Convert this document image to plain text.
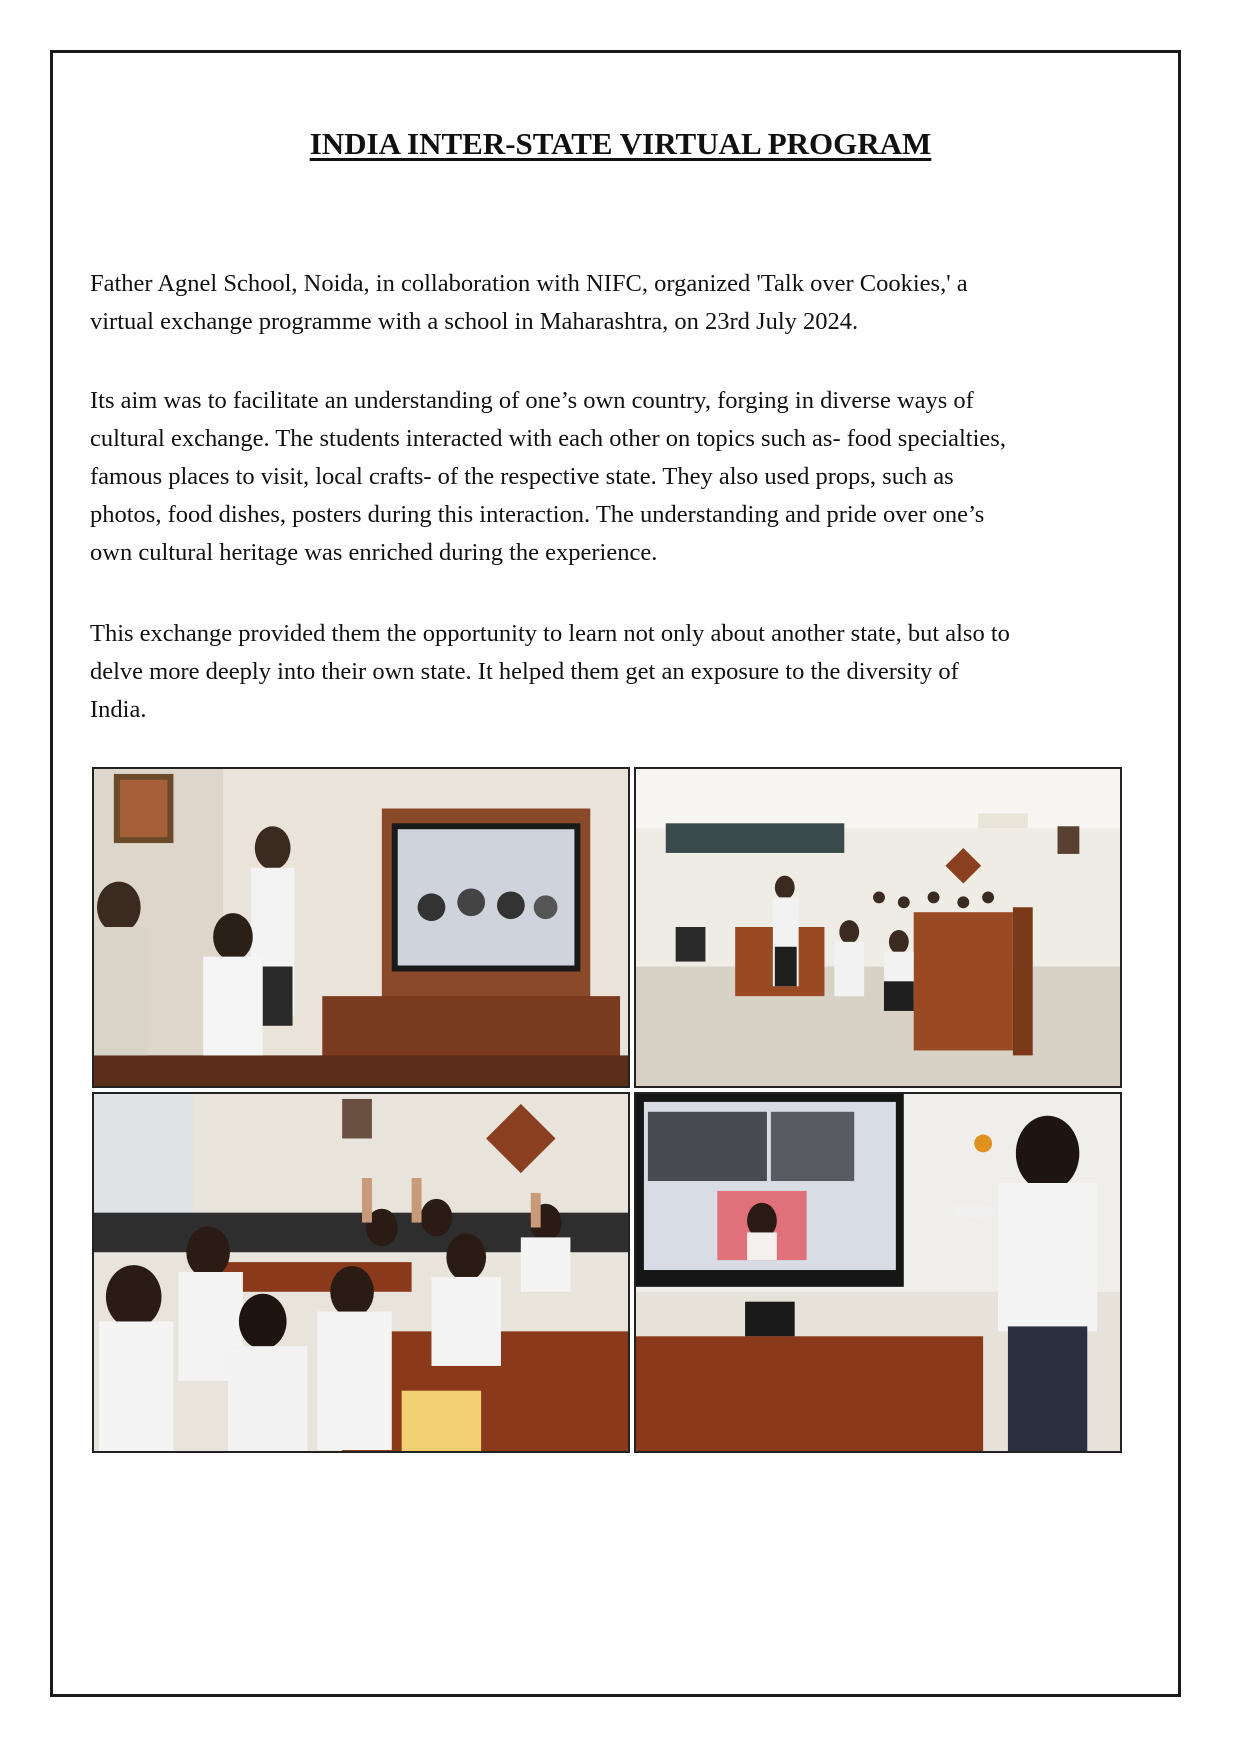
INDIA INTER-STATE VIRTUAL PROGRAM

Father Agnel School, Noida, in collaboration with NIFC, organized 'Talk over Cookies,' a
virtual exchange programme with a school in Maharashtra, on 23rd July 2024.

Its aim was to facilitate an understanding of one’s own country, forging in diverse ways of
cultural exchange. The students interacted with each other on topics such as- food specialties,
famous places to visit, local crafts- of the respective state. They also used props, such as
photos, food dishes, posters during this interaction. The understanding and pride over one’s
own cultural heritage was enriched during the experience.

This exchange provided them the opportunity to learn not only about another state, but also to
delve more deeply into their own state. It helped them get an exposure to the diversity of
India.
